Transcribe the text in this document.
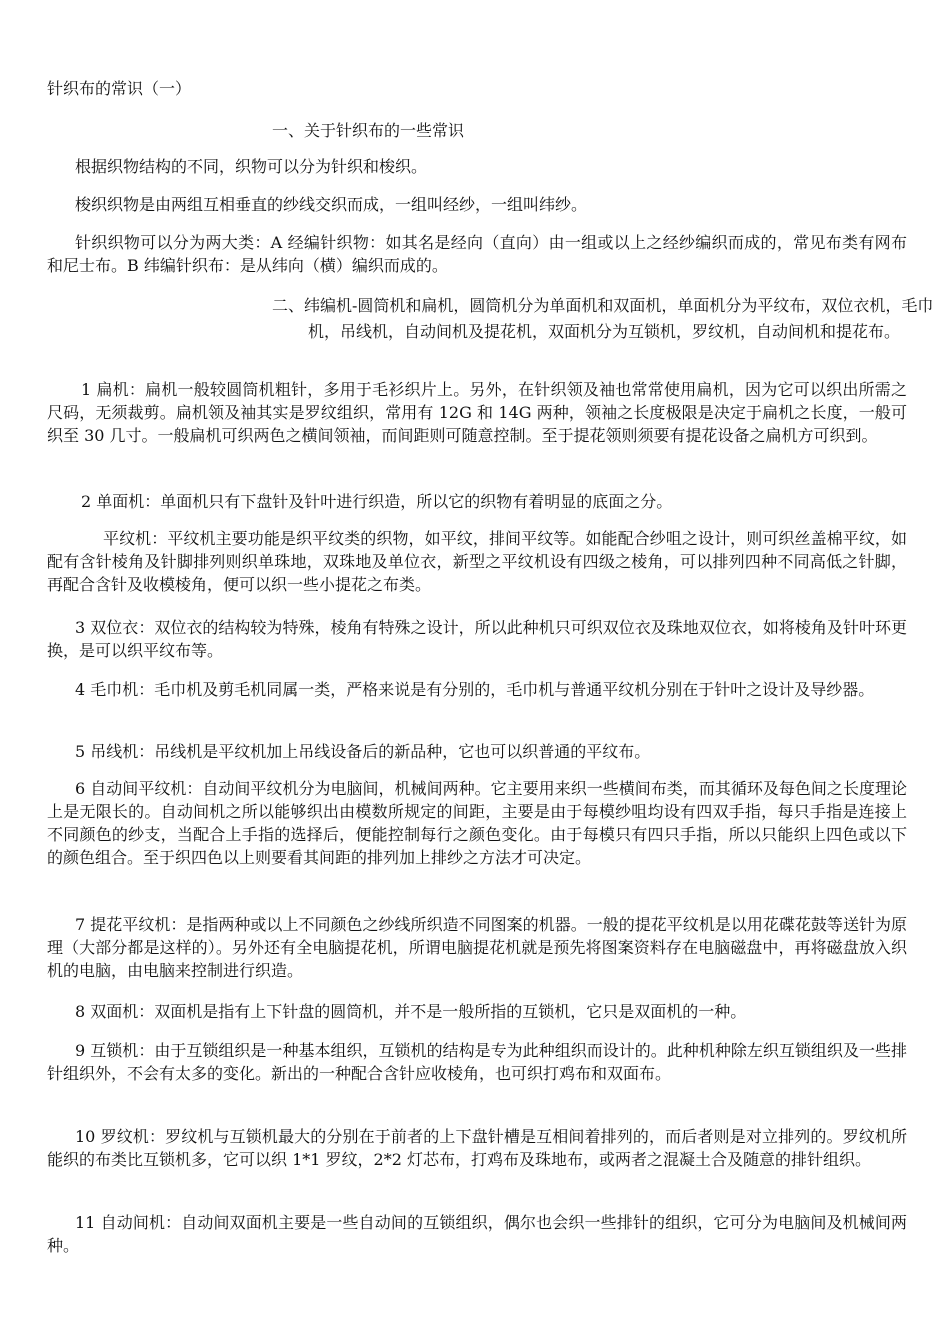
针织布的常识（一）

一、关于针织布的一些常识

根据织物结构的不同，织物可以分为针织和梭织。

梭织织物是由两组互相垂直的纱线交织而成，一组叫经纱，一组叫纬纱。

针织织物可以分为两大类：A 经编针织物：如其名是经向（直向）由一组或以上之经纱编织而成的，常见布类有网布和尼士布。B 纬编针织布：是从纬向（横）编织而成的。

二、纬编机-圆筒机和扁机，圆筒机分为单面机和双面机，单面机分为平纹布，双位衣机，毛巾机，吊线机，自动间机及提花机，双面机分为互锁机，罗纹机，自动间机和提花布。

1 扁机：扁机一般较圆筒机粗针，多用于毛衫织片上。另外，在针织领及袖也常常使用扁机，因为它可以织出所需之尺码，无须裁剪。扁机领及袖其实是罗纹组织，常用有 12G 和 14G 两种，领袖之长度极限是决定于扁机之长度，一般可织至 30 几寸。一般扁机可织两色之横间领袖，而间距则可随意控制。至于提花领则须要有提花设备之扁机方可织到。

2 单面机：单面机只有下盘针及针叶进行织造，所以它的织物有着明显的底面之分。

平纹机：平纹机主要功能是织平纹类的织物，如平纹，排间平纹等。如能配合纱咀之设计，则可织丝盖棉平纹，如配有含针棱角及针脚排列则织单珠地，双珠地及单位衣，新型之平纹机设有四级之棱角，可以排列四种不同高低之针脚，再配合含针及收模棱角，便可以织一些小提花之布类。

3 双位衣：双位衣的结构较为特殊，棱角有特殊之设计，所以此种机只可织双位衣及珠地双位衣，如将棱角及针叶环更换，是可以织平纹布等。

4 毛巾机：毛巾机及剪毛机同属一类，严格来说是有分别的，毛巾机与普通平纹机分别在于针叶之设计及导纱器。

5 吊线机：吊线机是平纹机加上吊线设备后的新品种，它也可以织普通的平纹布。

6 自动间平纹机：自动间平纹机分为电脑间，机械间两种。它主要用来织一些横间布类，而其循环及每色间之长度理论上是无限长的。自动间机之所以能够织出由模数所规定的间距，主要是由于每模纱咀均设有四双手指，每只手指是连接上不同颜色的纱支，当配合上手指的选择后，便能控制每行之颜色变化。由于每模只有四只手指，所以只能织上四色或以下的颜色组合。至于织四色以上则要看其间距的排列加上排纱之方法才可决定。

7 提花平纹机：是指两种或以上不同颜色之纱线所织造不同图案的机器。一般的提花平纹机是以用花碟花鼓等送针为原理（大部分都是这样的）。另外还有全电脑提花机，所谓电脑提花机就是预先将图案资料存在电脑磁盘中，再将磁盘放入织机的电脑，由电脑来控制进行织造。

8 双面机：双面机是指有上下针盘的圆筒机，并不是一般所指的互锁机，它只是双面机的一种。

9 互锁机：由于互锁组织是一种基本组织，互锁机的结构是专为此种组织而设计的。此种机种除左织互锁组织及一些排针组织外，不会有太多的变化。新出的一种配合含针应收棱角，也可织打鸡布和双面布。

10 罗纹机：罗纹机与互锁机最大的分别在于前者的上下盘针槽是互相间着排列的，而后者则是对立排列的。罗纹机所能织的布类比互锁机多，它可以织 1*1 罗纹，2*2 灯芯布，打鸡布及珠地布，或两者之混凝土合及随意的排针组织。

11 自动间机：自动间双面机主要是一些自动间的互锁组织，偶尔也会织一些排针的组织，它可分为电脑间及机械间两种。
